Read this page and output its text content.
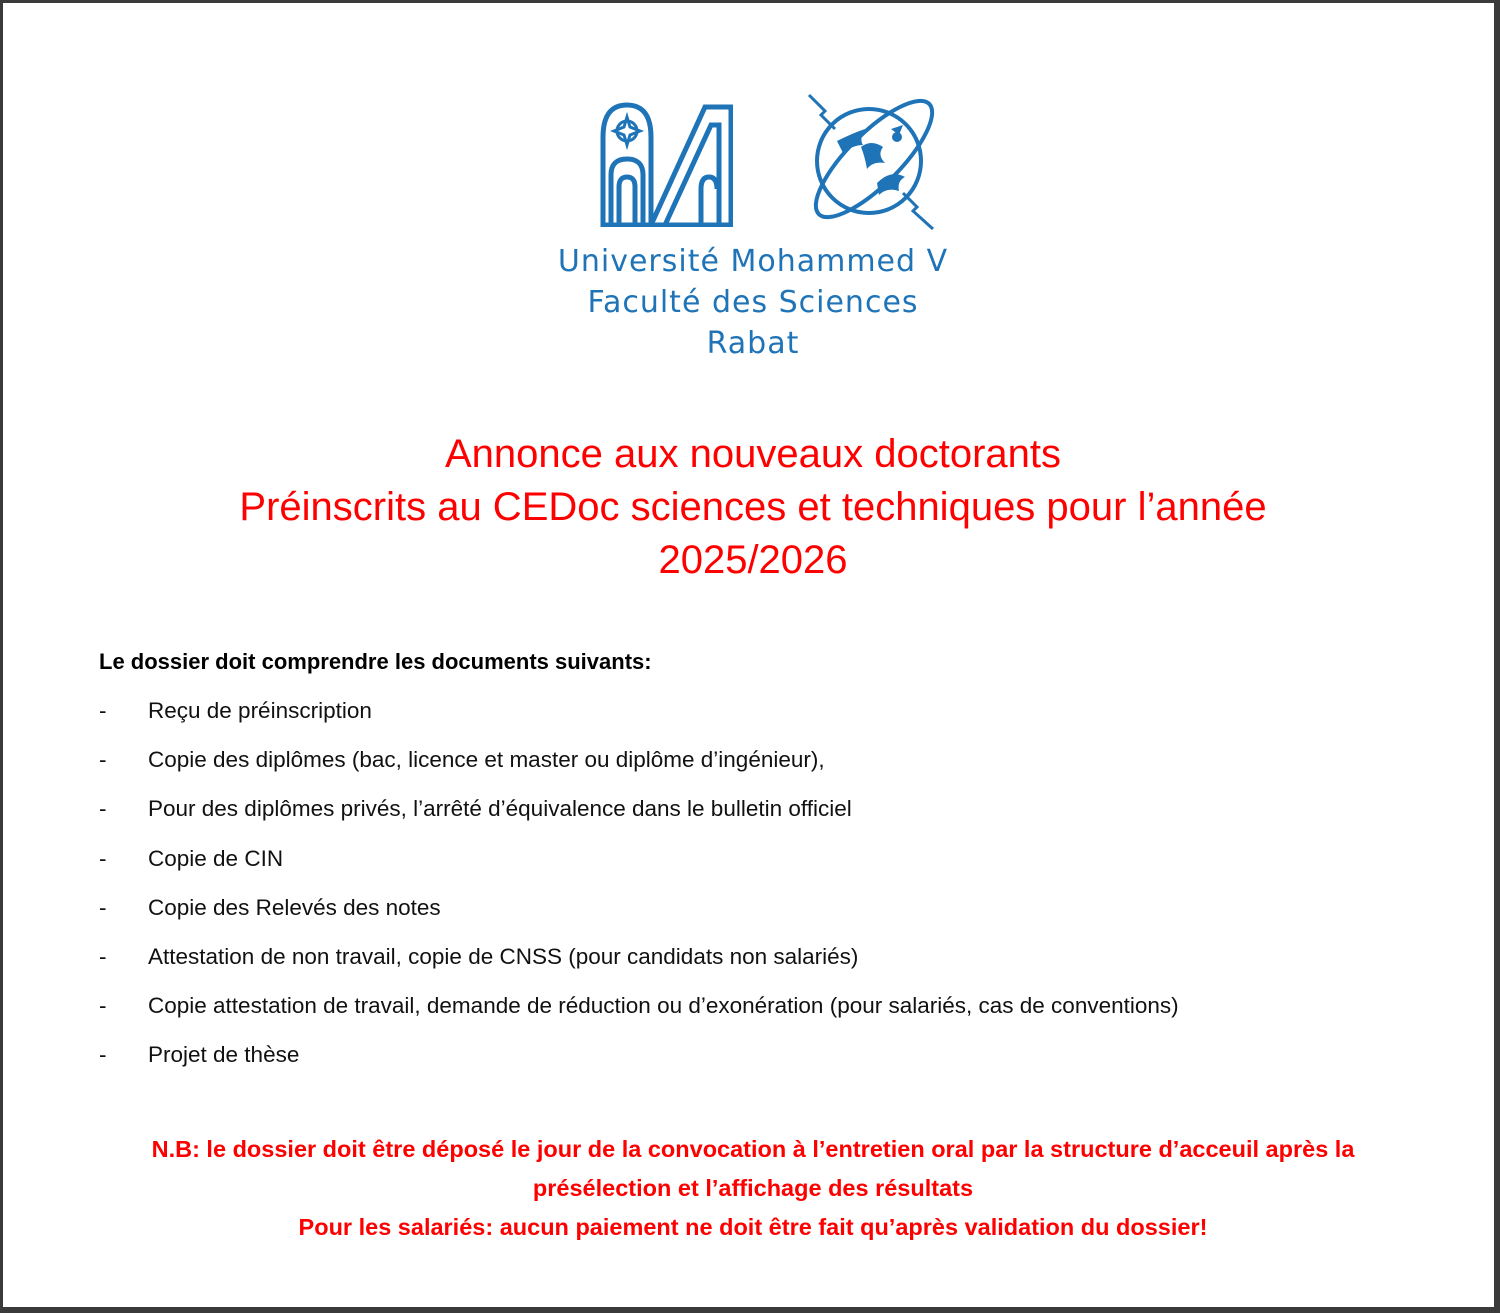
Université Mohammed V
Faculté des Sciences
Rabat
Annonce aux nouveaux doctorants
Préinscrits au CEDoc sciences et techniques pour l’année
2025/2026
Le dossier doit comprendre les documents suivants:
-	Reçu de préinscription
-	Copie des diplômes (bac, licence et master ou diplôme d’ingénieur),
-	Pour des diplômes privés, l’arrêté d’équivalence dans le bulletin officiel
-	Copie de CIN
-	Copie des Relevés des notes
-	Attestation de non travail, copie de CNSS (pour candidats non salariés)
-	Copie attestation de travail, demande de réduction ou d’exonération (pour salariés, cas de conventions)
-	Projet de thèse
N.B: le dossier doit être déposé le jour de la convocation à l’entretien oral par la structure d’acceuil après la
présélection et l’affichage des résultats
Pour les salariés: aucun paiement ne doit être fait qu’après validation du dossier!
